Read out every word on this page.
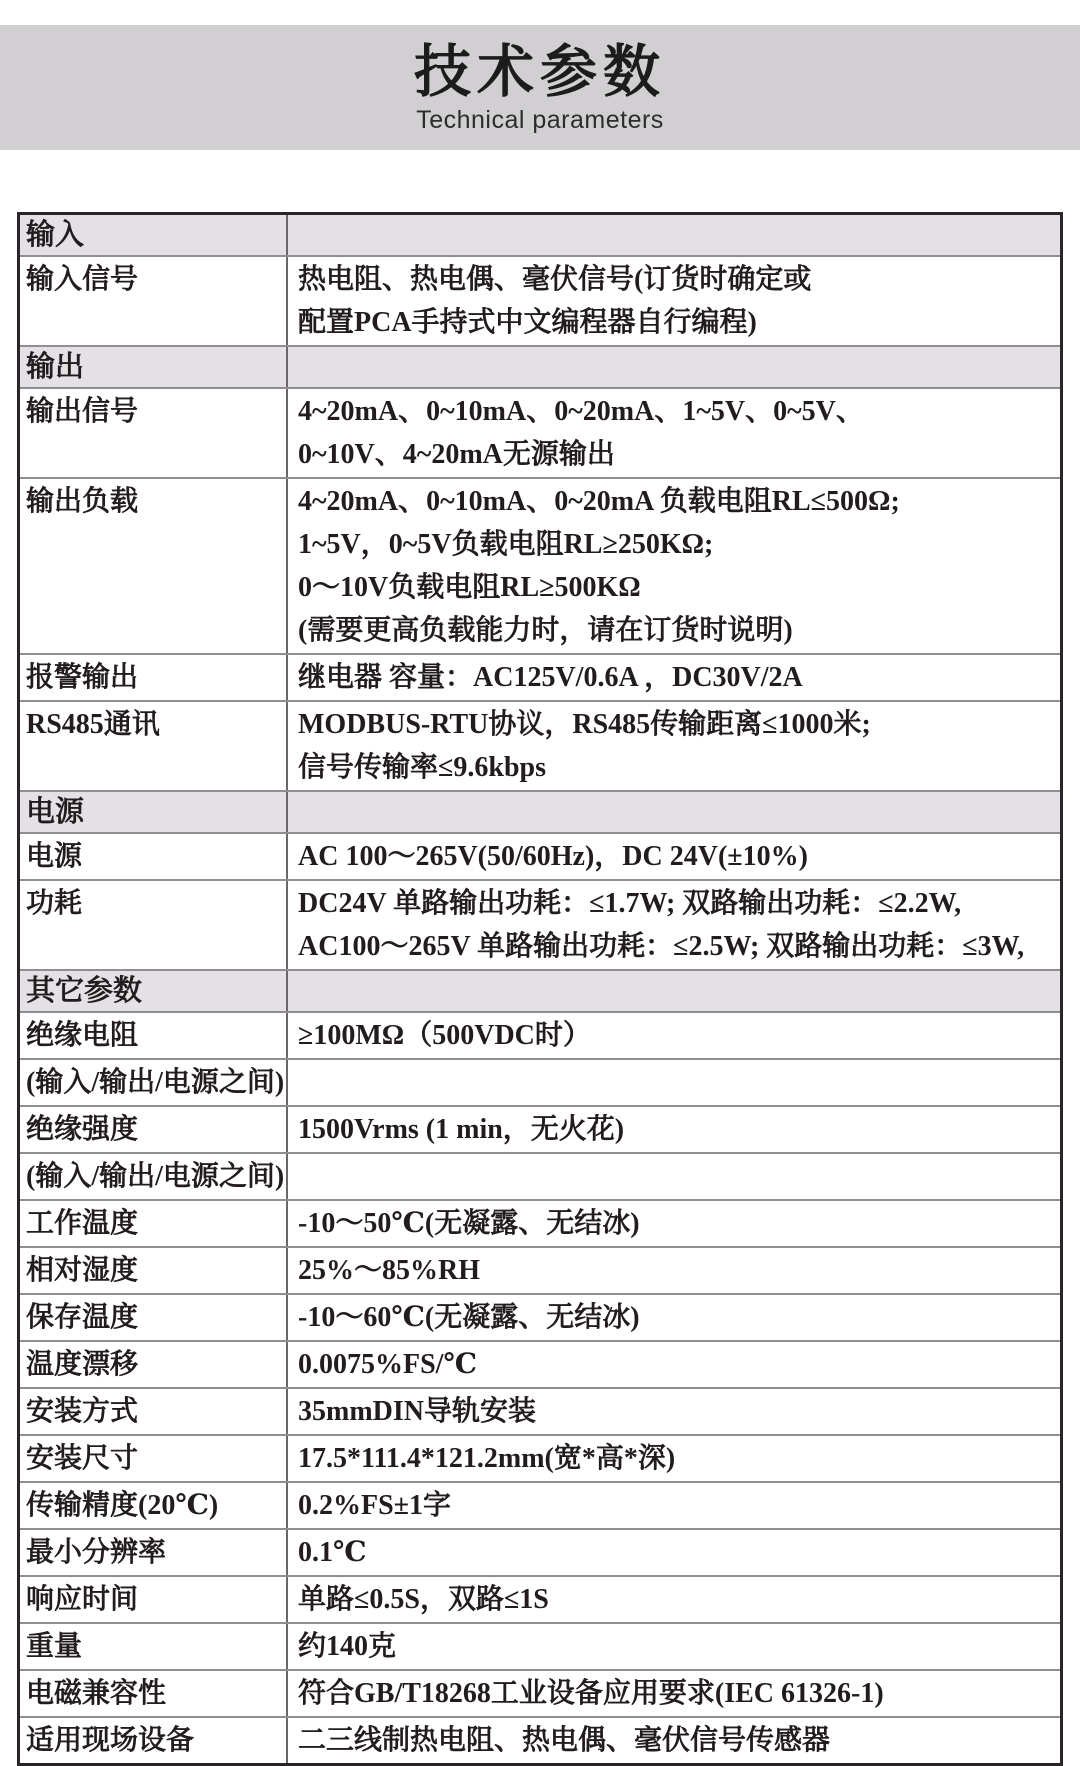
技术参数
Technical parameters
输入
输入信号	热电阻、热电偶、毫伏信号(订货时确定或
配置PCA手持式中文编程器自行编程)
输出
输出信号	4~20mA、0~10mA、0~20mA、1~5V、0~5V、
0~10V、4~20mA无源输出
输出负载	4~20mA、0~10mA、0~20mA 负载电阻RL≤500Ω;
1~5V，0~5V负载电阻RL≥250KΩ;
0～10V负载电阻RL≥500KΩ
(需要更高负载能力时，请在订货时说明)
报警输出	继电器 容量：AC125V/0.6A ，DC30V/2A
RS485通讯	MODBUS-RTU协议，RS485传输距离≤1000米;
信号传输率≤9.6kbps
电源
电源	AC 100～265V(50/60Hz)，DC 24V(±10%)
功耗	DC24V 单路输出功耗：≤1.7W; 双路输出功耗：≤2.2W,
AC100～265V 单路输出功耗：≤2.5W; 双路输出功耗：≤3W,
其它参数
绝缘电阻	≥100MΩ（500VDC时）
(输入/输出/电源之间)
绝缘强度	1500Vrms (1 min，无火花)
(输入/输出/电源之间)
工作温度	-10～50℃(无凝露、无结冰)
相对湿度	25%～85%RH
保存温度	-10～60℃(无凝露、无结冰)
温度漂移	0.0075%FS/℃
安装方式	35mmDIN导轨安装
安装尺寸	17.5*111.4*121.2mm(宽*高*深)
传输精度(20℃)	0.2%FS±1字
最小分辨率	0.1℃
响应时间	单路≤0.5S，双路≤1S
重量	约140克
电磁兼容性	符合GB/T18268工业设备应用要求(IEC 61326-1)
适用现场设备	二三线制热电阻、热电偶、毫伏信号传感器
